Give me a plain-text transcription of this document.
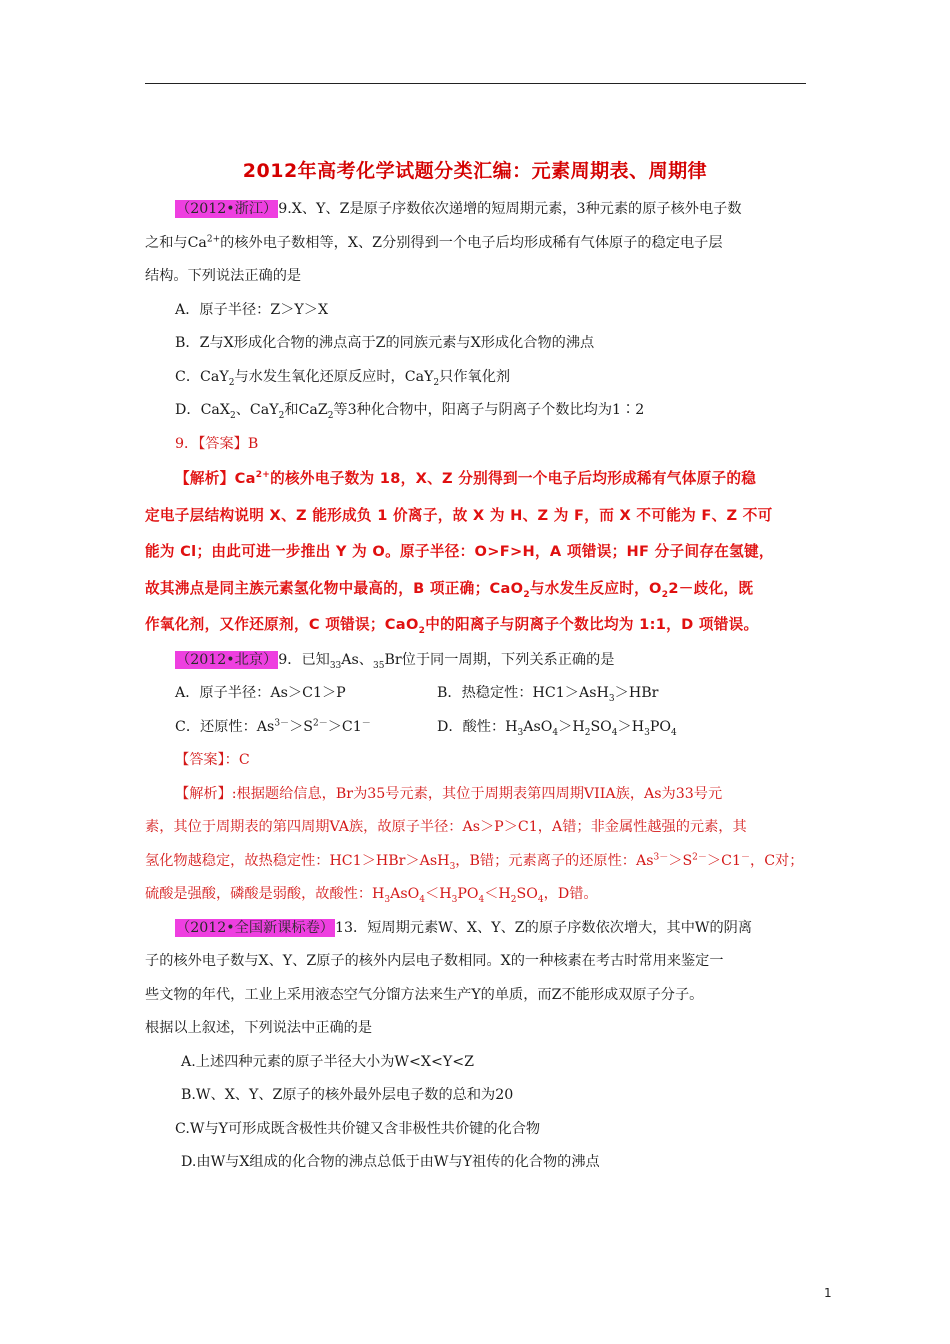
2012年高考化学试题分类汇编：元素周期表、周期律

（2012•浙江）9.X、Y、Z是原子序数依次递增的短周期元素，3种元素的原子核外电子数

之和与$Ca^{2+}$的核外电子数相等，X、Z分别得到一个电子后均形成稀有气体原子的稳定电子层

结构。下列说法正确的是

A．原子半径：Z＞Y＞X

B．Z与X形成化合物的沸点高于Z的同族元素与X形成化合物的沸点

C．CaY$_2$与水发生氧化还原反应时，CaY$_2$只作氧化剂

D．CaX$_2$、CaY$_2$和CaZ$_2$等3种化合物中，阳离子与阴离子个数比均为1∶2

9．【答案】B

【解析】$Ca^{2+}$的核外电子数为 18，X、Z 分别得到一个电子后均形成稀有气体原子的稳

定电子层结构说明 X、Z 能形成负 1 价离子，故 X 为 H、Z 为 F，而 X 不可能为 F、Z 不可

能为 Cl；由此可进一步推出 Y 为 O。原子半径：O>F>H，A 项错误；HF 分子间存在氢键，

故其沸点是同主族元素氢化物中最高的，B 项正确；CaO$_2$与水发生反应时，$O_22-$歧化，既

作氧化剂，又作还原剂，C 项错误；CaO$_2$中的阳离子与阴离子个数比均为 1:1，D 项错误。

（2012•北京）9．已知$_{33}$As、$_{35}$Br位于同一周期，下列关系正确的是

A．原子半径：As＞C1＞P	B．热稳定性：HC1＞AsH$_3$＞HBr
C．还原性：$As^{3-}>S^{2-}>C1^-$	D．酸性：$H_3AsO_4>H_2SO_4>H_3PO_4$

【答案】：C

【解析】:根据题给信息，Br为35号元素，其位于周期表第四周期VIIA族，As为33号元

素，其位于周期表的第四周期VA族，故原子半径：As＞P＞C1，A错；非金属性越强的元素，其

氢化物越稳定，故热稳定性：HC1＞HBr＞AsH$_3$，B错；元素离子的还原性：$As^{3-}>S^{2-}>C1^-$，C对；

硫酸是强酸，磷酸是弱酸，故酸性：$H_3AsO_4<H_3PO_4<H_2SO_4$，D错。

（2012•全国新课标卷）13．短周期元素W、X、Y、Z的原子序数依次增大，其中W的阴离

子的核外电子数与X、Y、Z原子的核外内层电子数相同。X的一种核素在考古时常用来鉴定一

些文物的年代，工业上采用液态空气分馏方法来生产Y的单质，而Z不能形成双原子分子。

根据以上叙述，下列说法中正确的是

A.上述四种元素的原子半径大小为W<X<Y<Z

B.W、X、Y、Z原子的核外最外层电子数的总和为20

C.W与Y可形成既含极性共价键又含非极性共价键的化合物

D.由W与X组成的化合物的沸点总低于由W与Y祖传的化合物的沸点

1
